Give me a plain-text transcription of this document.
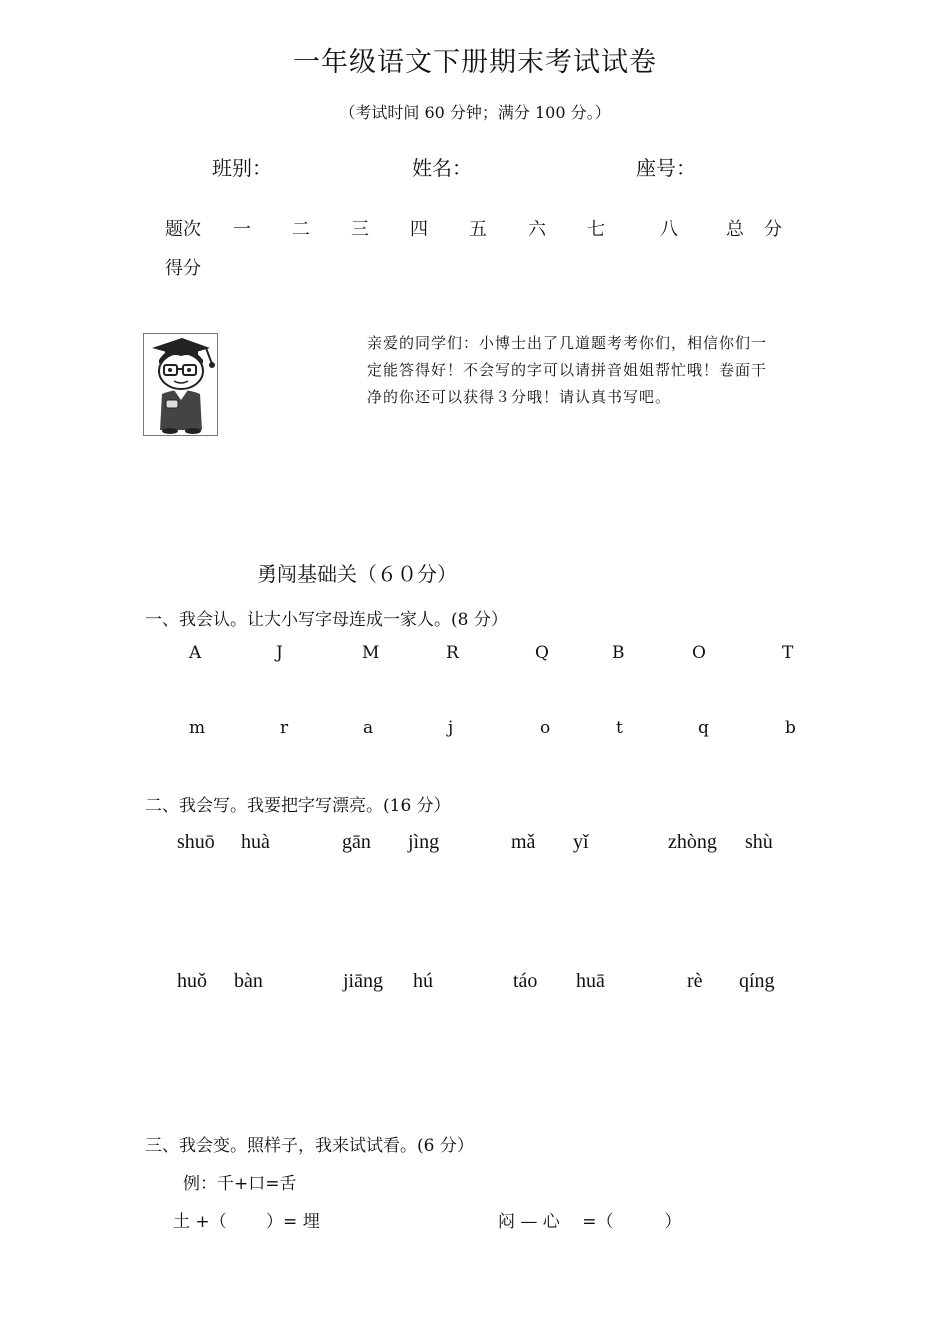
一年级语文下册期末考试试卷
（考试时间 60 分钟；满分 100 分。）
班别：	姓名：	座号：
题次 一 二 三 四 五 六 七	八	总 分
得分
亲爱的同学们：小博士出了几道题考考你们，相信你们一定能答得好！不会写的字可以请拼音姐姐帮忙哦！卷面干净的你还可以获得３分哦！请认真书写吧。
勇闯基础关（６０分）
一、我会认。让大小写字母连成一家人。(8 分）
A	J	M	R	Q	B	O	T
m	r	a	j	o	t	q	b
二、我会写。我要把字写漂亮。(16 分）
shuō huà	gān jìng	mǎ yǐ	zhòng shù
huǒ bàn	jiāng hú	táo huā	rè qíng
三、我会变。照样子，我来试试看。(6 分）
例：千+口=舌
土 +（　　 ）= 埋	闷 — 心　 =（　　　）
